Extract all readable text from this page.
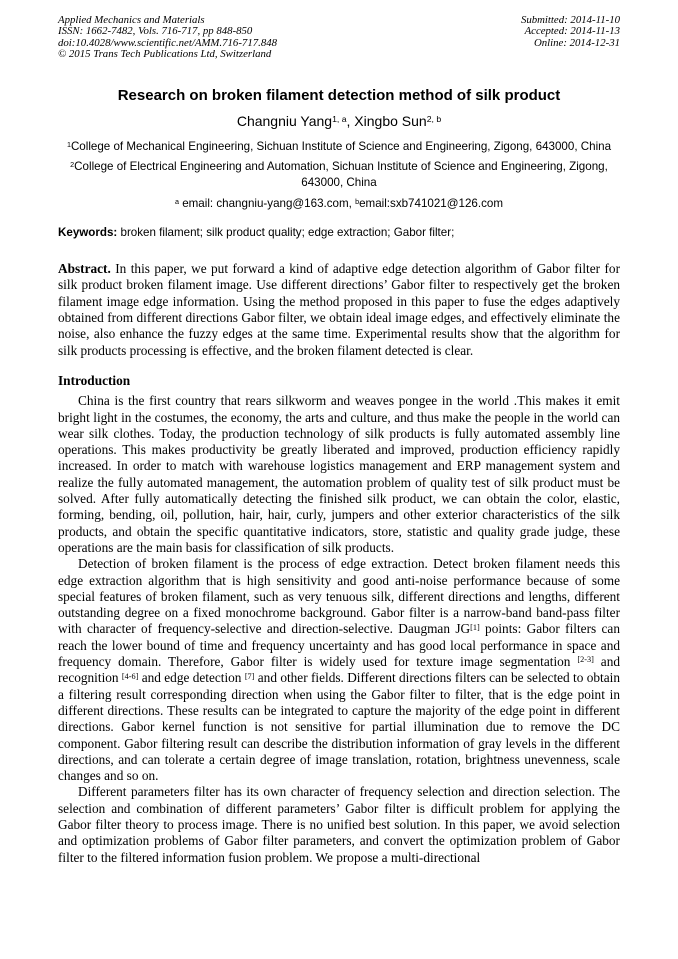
Applied Mechanics and Materials
ISSN: 1662-7482, Vols. 716-717, pp 848-850
doi:10.4028/www.scientific.net/AMM.716-717.848
© 2015 Trans Tech Publications Ltd, Switzerland
Submitted: 2014-11-10
Accepted: 2014-11-13
Online: 2014-12-31
Research on broken filament detection method of silk product
Changniu Yang$^{1, a}$, Xingbo Sun$^{2, b}$
$^1$College of Mechanical Engineering, Sichuan Institute of Science and Engineering, Zigong, 643000, China
$^2$College of Electrical Engineering and Automation, Sichuan Institute of Science and Engineering, Zigong, 643000, China
$^a$ email: changniu-yang@163.com, $^b$email:sxb741021@126.com
Keywords: broken filament; silk product quality; edge extraction; Gabor filter;

Abstract. In this paper, we put forward a kind of adaptive edge detection algorithm of Gabor filter for silk product broken filament image. Use different directions’ Gabor filter to respectively get the broken filament image edge information. Using the method proposed in this paper to fuse the edges adaptively obtained from different directions Gabor filter, we obtain ideal image edges, and effectively eliminate the noise, also enhance the fuzzy edges at the same time. Experimental results show that the algorithm for silk products processing is effective, and the broken filament detected is clear.

Introduction

China is the first country that rears silkworm and weaves pongee in the world .This makes it emit bright light in the costumes, the economy, the arts and culture, and thus make the people in the world can wear silk clothes. Today, the production technology of silk products is fully automated assembly line operations. This makes productivity be greatly liberated and improved, production efficiency rapidly increased. In order to match with warehouse logistics management and ERP management system and realize the fully automated management, the automation problem of quality test of silk product must be solved. After fully automatically detecting the finished silk product, we can obtain the color, elastic, forming, bending, oil, pollution, hair, hair, curly, jumpers and other exterior characteristics of the silk products, and obtain the specific quantitative indicators, store, statistic and quality grade judge, these operations are the main basis for classification of silk products.

Detection of broken filament is the process of edge extraction. Detect broken filament needs this edge extraction algorithm that is high sensitivity and good anti-noise performance because of some special features of broken filament, such as very tenuous silk, different directions and lengths, different outstanding degree on a fixed monochrome background. Gabor filter is a narrow-band band-pass filter with character of frequency-selective and direction-selective. Daugman JG[1] points: Gabor filters can reach the lower bound of time and frequency uncertainty and has good local performance in space and frequency domain. Therefore, Gabor filter is widely used for texture image segmentation [2-3] and recognition [4-6] and edge detection [7] and other fields. Different directions filters can be selected to obtain a filtering result corresponding direction when using the Gabor filter to filter, that is the edge point in different directions. These results can be integrated to capture the majority of the edge point in different directions. Gabor kernel function is not sensitive for partial illumination due to remove the DC component. Gabor filtering result can describe the distribution information of gray levels in the different directions, and can tolerate a certain degree of image translation, rotation, brightness unevenness, scale changes and so on.

Different parameters filter has its own character of frequency selection and direction selection. The selection and combination of different parameters’ Gabor filter is difficult problem for applying the Gabor filter theory to process image. There is no unified best solution. In this paper, we avoid selection and optimization problems of Gabor filter parameters, and convert the optimization problem of Gabor filter to the filtered information fusion problem. We propose a multi-directional
